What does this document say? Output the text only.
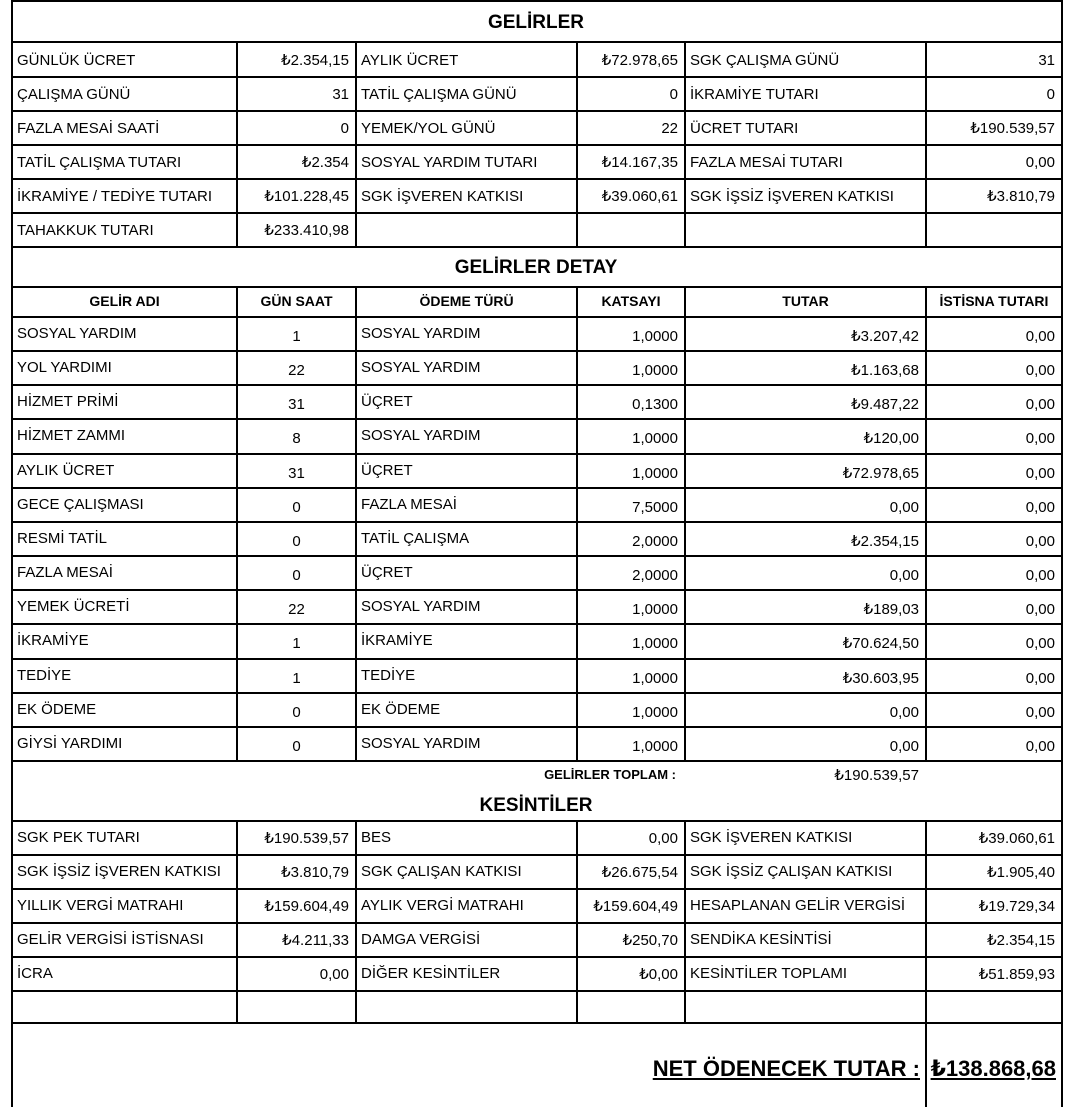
GELİRLER
GÜNLÜK ÜCRET	₺2.354,15 AYLIK ÜCRET	₺72.978,65 SGK ÇALIŞMA GÜNÜ	31
ÇALIŞMA GÜNÜ	31 TATİL ÇALIŞMA GÜNÜ	0 İKRAMİYE TUTARI	0
FAZLA MESAİ SAATİ	0 YEMEK/YOL GÜNÜ	22 ÜCRET TUTARI	₺190.539,57
TATİL ÇALIŞMA TUTARI	₺2.354 SOSYAL YARDIM TUTARI	₺14.167,35 FAZLA MESAİ TUTARI	0,00
İKRAMİYE / TEDİYE TUTARI	₺101.228,45 SGK İŞVEREN KATKISI	₺39.060,61 SGK İŞSİZ İŞVEREN KATKISI	₺3.810,79
TAHAKKUK TUTARI	₺233.410,98
GELİRLER DETAY
GELİR ADI	GÜN SAAT	ÖDEME TÜRÜ	KATSAYI	TUTAR	İSTİSNA TUTARI
SOSYAL YARDIM	1	SOSYAL YARDIM	1,0000	₺3.207,42	0,00
YOL YARDIMI	22	SOSYAL YARDIM	1,0000	₺1.163,68	0,00
HİZMET PRİMİ	31	ÜÇRET	0,1300	₺9.487,22	0,00
HİZMET ZAMMI	8	SOSYAL YARDIM	1,0000	₺120,00	0,00
AYLIK ÜCRET	31	ÜÇRET	1,0000	₺72.978,65	0,00
GECE ÇALIŞMASI	0	FAZLA MESAİ	7,5000	0,00	0,00
RESMİ TATİL	0	TATİL ÇALIŞMA	2,0000	₺2.354,15	0,00
FAZLA MESAİ	0	ÜÇRET	2,0000	0,00	0,00
YEMEK ÜCRETİ	22	SOSYAL YARDIM	1,0000	₺189,03	0,00
İKRAMİYE	1	İKRAMİYE	1,0000	₺70.624,50	0,00
TEDİYE	1	TEDİYE	1,0000	₺30.603,95	0,00
EK ÖDEME	0	EK ÖDEME	1,0000	0,00	0,00
GİYSİ YARDIMI	0	SOSYAL YARDIM	1,0000	0,00	0,00
GELİRLER TOPLAM :	₺190.539,57
KESİNTİLER
SGK PEK TUTARI	₺190.539,57 BES	0,00 SGK İŞVEREN KATKISI	₺39.060,61
SGK İŞSİZ İŞVEREN KATKISI	₺3.810,79 SGK ÇALIŞAN KATKISI	₺26.675,54 SGK İŞSİZ ÇALIŞAN KATKISI	₺1.905,40
YILLIK VERGİ MATRAHI	₺159.604,49 AYLIK VERGİ MATRAHI	₺159.604,49 HESAPLANAN GELİR VERGİSİ	₺19.729,34
GELİR VERGİSİ İSTİSNASI	₺4.211,33 DAMGA VERGİSİ	₺250,70 SENDİKA KESİNTİSİ	₺2.354,15
İCRA	0,00 DİĞER KESİNTİLER	₺0,00 KESİNTİLER TOPLAMI	₺51.859,93
NET ÖDENECEK TUTAR : ₺138.868,68
